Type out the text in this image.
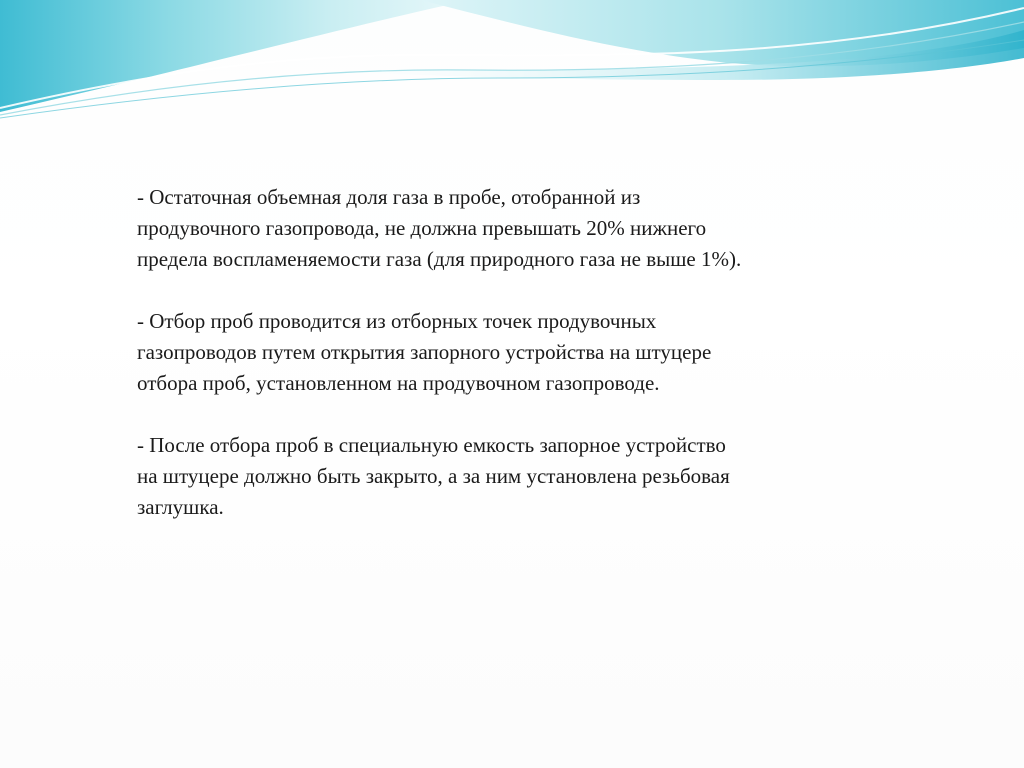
- Остаточная объемная доля газа в пробе, отобранной из
продувочного газопровода, не должна превышать 20% нижнего
предела воспламеняемости газа (для природного газа не выше 1%).

- Отбор проб проводится из отборных точек продувочных
газопроводов путем открытия запорного устройства на штуцере
отбора проб, установленном на продувочном газопроводе.

- После отбора проб в специальную емкость запорное устройство
на штуцере должно быть закрыто, а за ним установлена резьбовая
заглушка.
